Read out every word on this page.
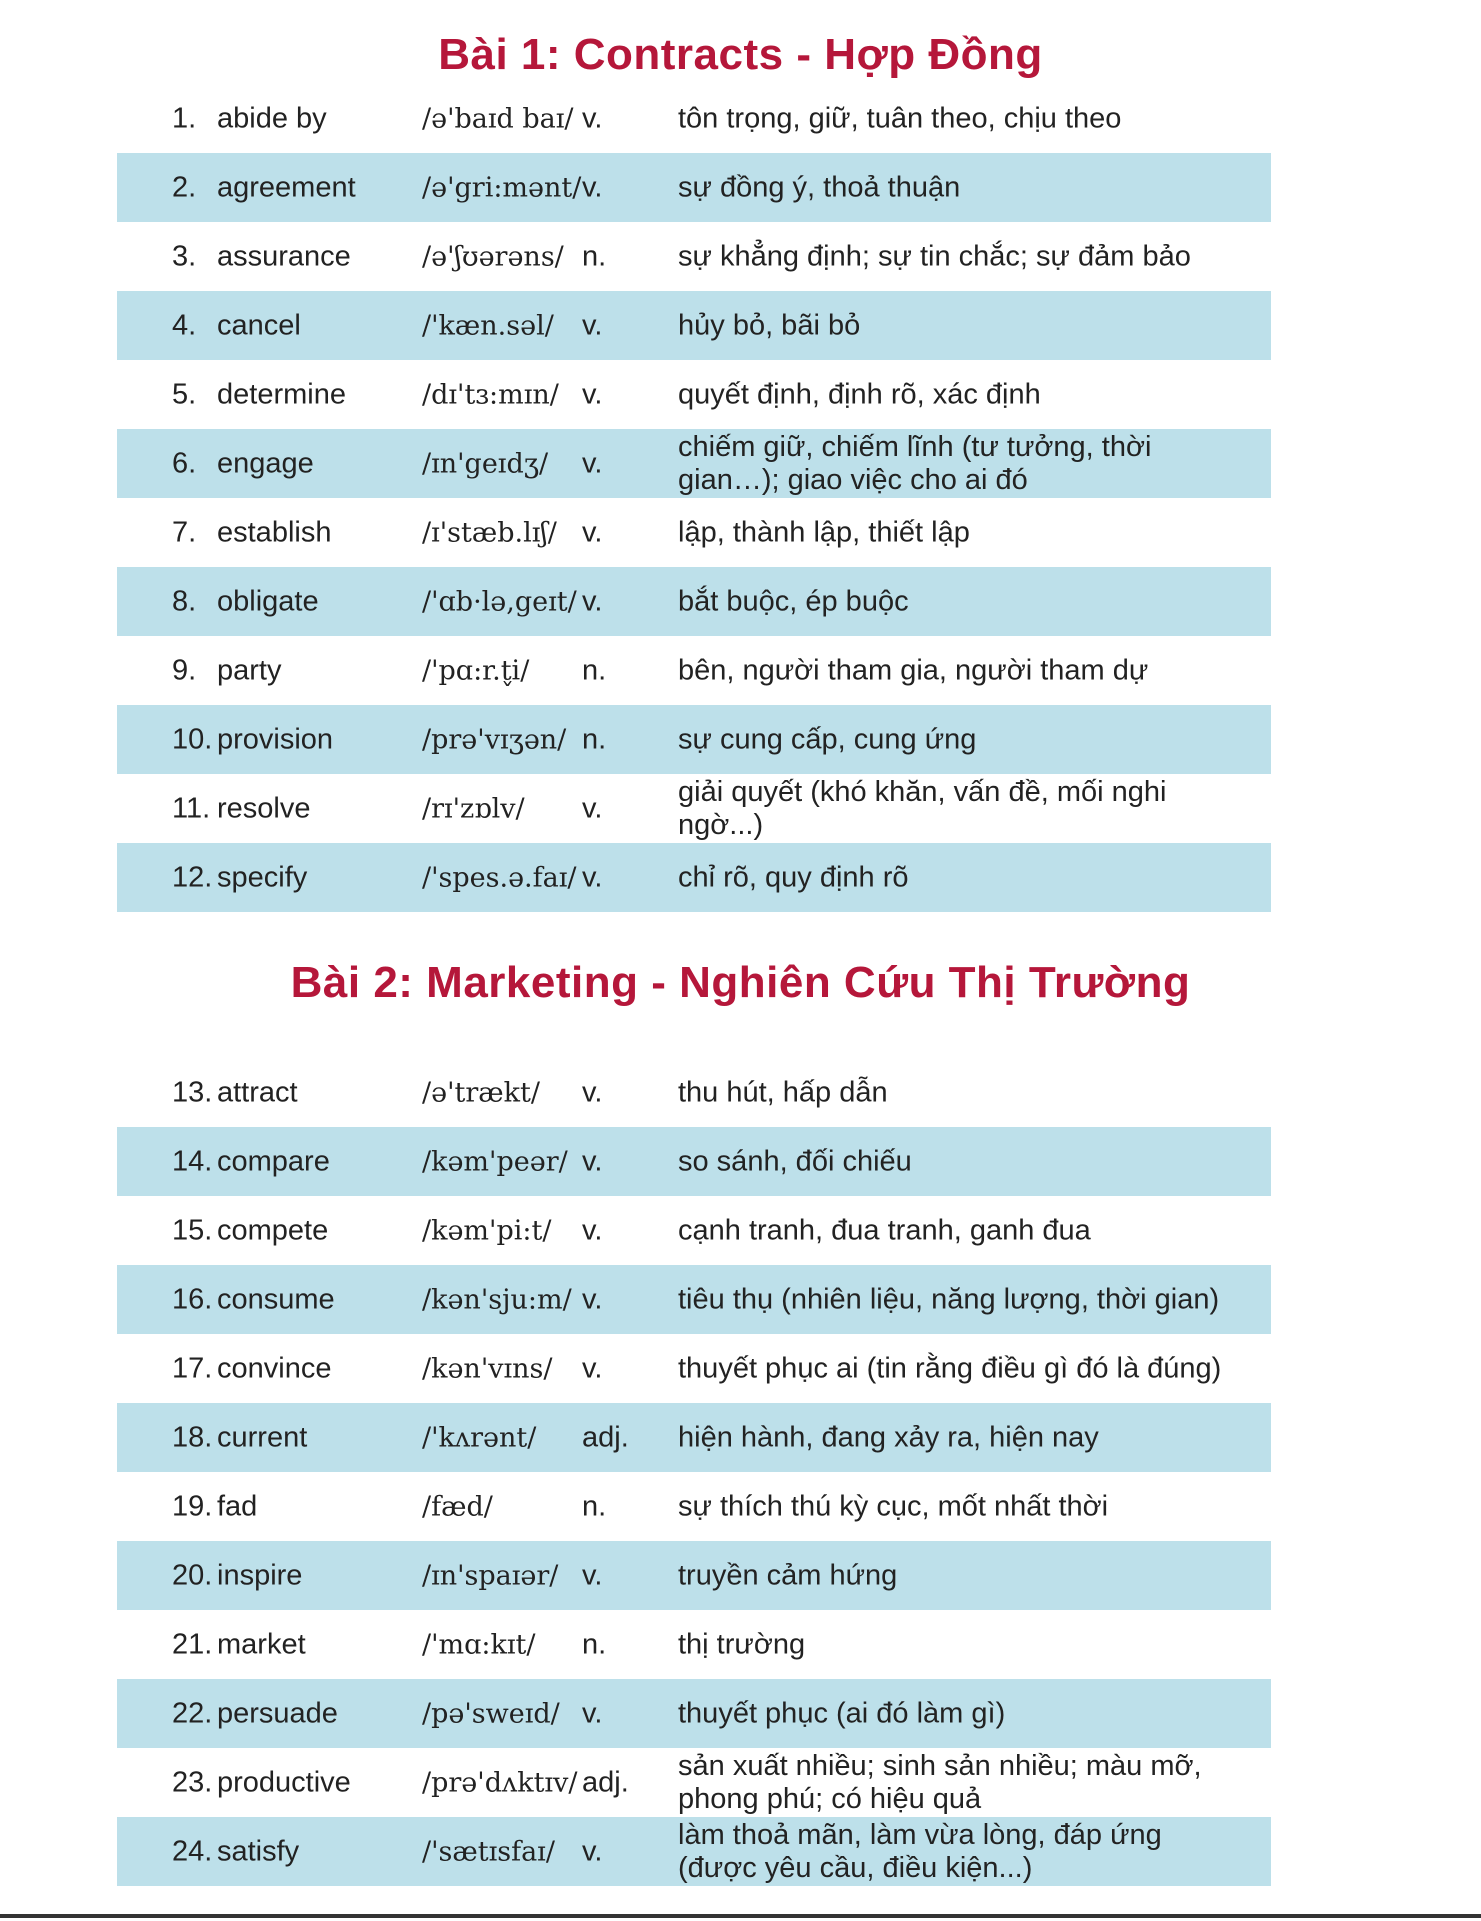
Bài 1: Contracts - Hợp Đồng
1. abide by	/ə'baɪd baɪ/ v.	tôn trọng, giữ, tuân theo, chịu theo
2. agreement /ə'gri:mənt/ v.	sự đồng ý, thoả thuận
3. assurance	/ə'ʃʊərəns/ n. sự khẳng định; sự tin chắc; sự đảm bảo
4. cancel	/'kæn.səl/ v.	hủy bỏ, bãi bỏ
5. determine	/dɪ'tɜ:mɪn/ v.	quyết định, định rõ, xác định
6. engage	/ɪn'geɪdʒ/ v.
chiếm giữ, chiếm lĩnh (tư tưởng, thời gian…); giao việc cho ai đó
7. establish	/ɪ'stæb.lɪʃ/ v.	lập, thành lập, thiết lập
8. obligate	/'ɑb·lə,geɪt/ v.	bắt buộc, ép buộc
9. party	/'pɑ:r.t̬i/ n. bên, người tham gia, người tham dự
10. provision	/prə'vɪʒən/ n. sự cung cấp, cung ứng
11. resolve	/rɪ'zɒlv/ v.
giải quyết (khó khăn, vấn đề, mối nghi ngờ...)
12. specify	/'spes.ə.faɪ/ v.	chỉ rõ, quy định rõ
Bài 2: Marketing - Nghiên Cứu Thị Trường
13. attract	/ə'trækt/ v.	thu hút, hấp dẫn
14. compare	/kəm'peər/ v.	so sánh, đối chiếu
15. compete	/kəm'pi:t/ v.	cạnh tranh, đua tranh, ganh đua
16. consume	/kən'sju:m/ v.	tiêu thụ (nhiên liệu, năng lượng, thời gian)
17. convince	/kən'vɪns/ v.	thuyết phục ai (tin rằng điều gì đó là đúng)
18. current	/'kʌrənt/ adj. hiện hành, đang xảy ra, hiện nay
19. fad	/fæd/	n. sự thích thú kỳ cục, mốt nhất thời
20. inspire	/ɪn'spaɪər/ v.	truyền cảm hứng
21. market	/'mɑ:kɪt/ n. thị trường
22. persuade	/pə'sweɪd/ v.	thuyết phục (ai đó làm gì)
23. productive	/prə'dʌktɪv/ adj.
sản xuất nhiều; sinh sản nhiều; màu mỡ, phong phú; có hiệu quả
24. satisfy	/'sætɪsfaɪ/ v.
làm thoả mãn, làm vừa lòng, đáp ứng (được yêu cầu, điều kiện...)
